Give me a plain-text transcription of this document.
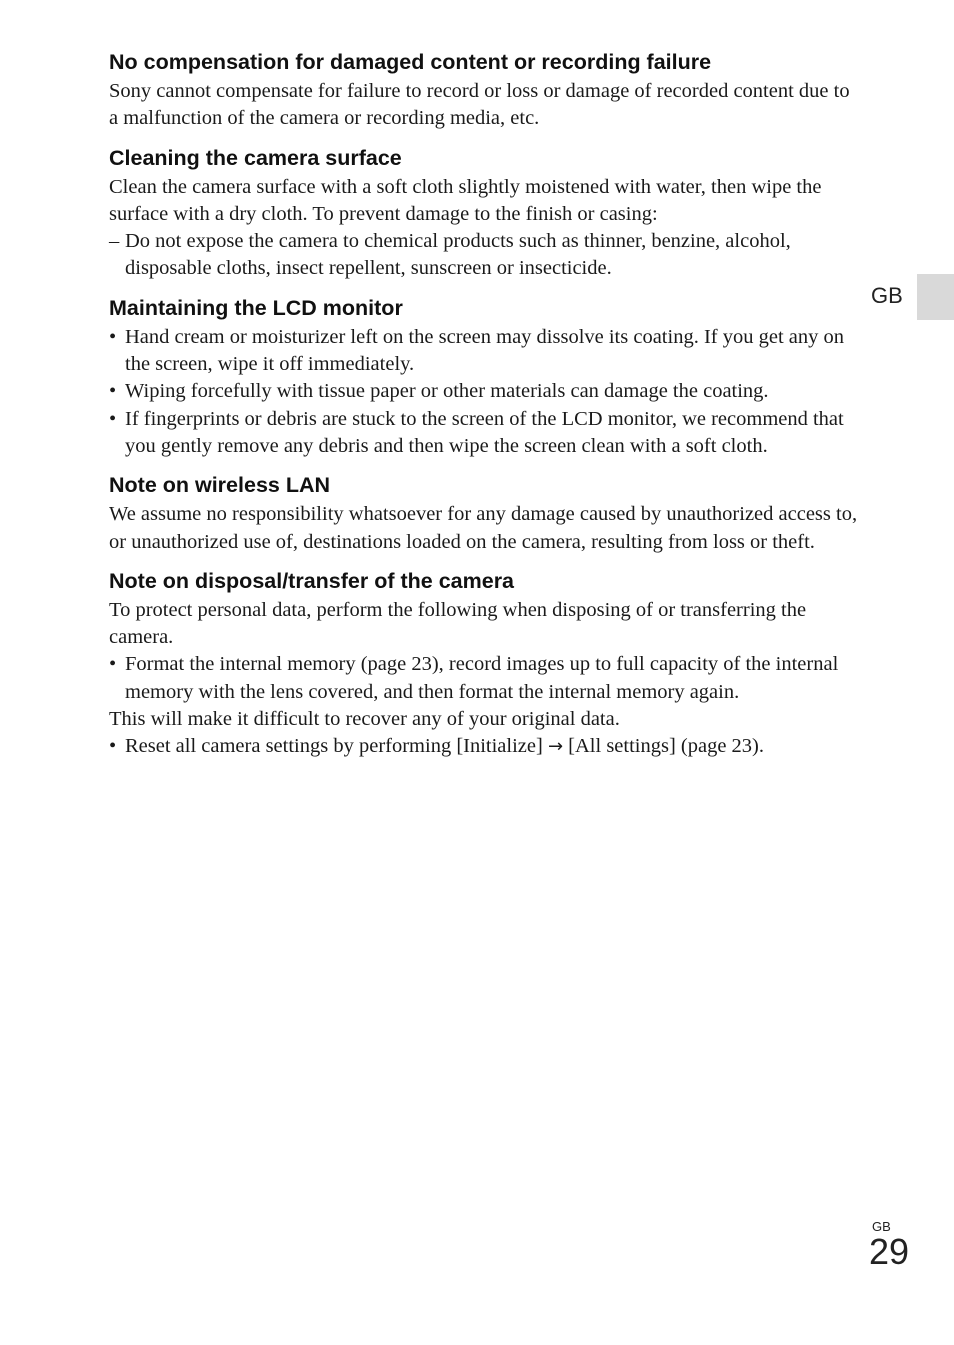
GB
No compensation for damaged content or recording failure

Sony cannot compensate for failure to record or loss or damage of recorded content due to a malfunction of the camera or recording media, etc.

Cleaning the camera surface

Clean the camera surface with a soft cloth slightly moistened with water, then wipe the surface with a dry cloth. To prevent damage to the finish or casing:

– Do not expose the camera to chemical products such as thinner, benzine, alcohol, disposable cloths, insect repellent, sunscreen or insecticide.
Maintaining the LCD monitor
• Hand cream or moisturizer left on the screen may dissolve its coating. If you get any on the screen, wipe it off immediately.
• Wiping forcefully with tissue paper or other materials can damage the coating.
• If fingerprints or debris are stuck to the screen of the LCD monitor, we recommend that you gently remove any debris and then wipe the screen clean with a soft cloth.
Note on wireless LAN

We assume no responsibility whatsoever for any damage caused by unauthorized access to, or unauthorized use of, destinations loaded on the camera, resulting from loss or theft.

Note on disposal/transfer of the camera

To protect personal data, perform the following when disposing of or transferring the camera.

• Format the internal memory (page 23), record images up to full capacity of the internal memory with the lens covered, and then format the internal memory again.

This will make it difficult to recover any of your original data.

• Reset all camera settings by performing [Initialize] → [All settings] (page 23).
GB
29
